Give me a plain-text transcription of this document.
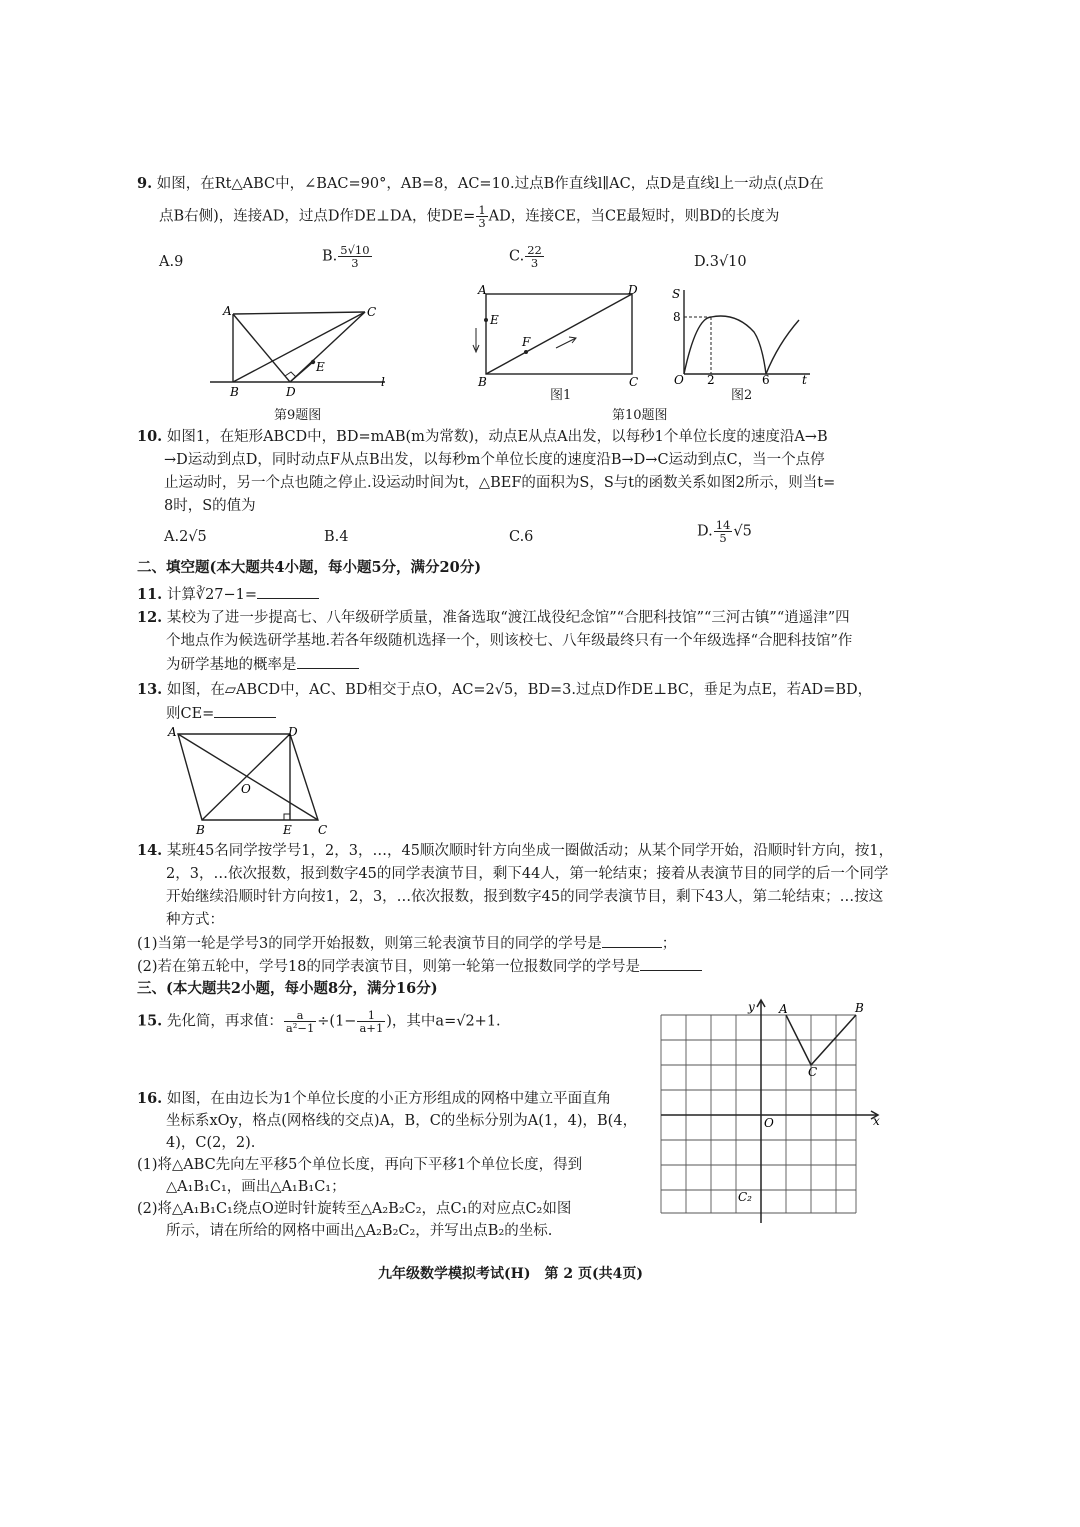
9. 如图，在Rt△ABC中，∠BAC=90°，AB=8，AC=10.过点B作直线l∥AC，点D是直线l上一动点(点D在
点B右侧)，连接AD，过点D作DE⊥DA，使$DE= \frac{1}{3}$ AD，连接CE，当CE最短时，则BD的长度为
A.9	B. $\frac{5√10}{3}$	C. $\frac{22}{3}$	D.3√10
A	C
B	D
E
l
第9题图
A	D
B	C
E
F
图1
S
8
O 2	6	t
图2
第10题图
10. 如图1，在矩形ABCD中，BD=mAB(m为常数)，动点E从点A出发，以每秒1个单位长度的速度沿A→B
→D运动到点D，同时动点F从点B出发，以每秒m个单位长度的速度沿B→D→C运动到点C，当一个点停
止运动时，另一个点也随之停止.设运动时间为t，△BEF的面积为S，S与t的函数关系如图2所示，则当t=
8时，S的值为
A.2√5	B.4	C.6	D. $\frac{14}{5} √5$
二、填空题(本大题共4小题，每小题5分，满分20分)
11. 计算∛27−1=
12. 某校为了进一步提高七、八年级研学质量，准备选取“渡江战役纪念馆”“合肥科技馆”“三河古镇”“逍遥津”四
个地点作为候选研学基地.若各年级随机选择一个，则该校七、八年级最终只有一个年级选择“合肥科技馆”作
为研学基地的概率是
13. 如图，在▱ABCD中，AC、BD相交于点O，AC=2√5，BD=3.过点D作DE⊥BC，垂足为点E，若AD=BD，
则CE=
A	D
B	E C
O
14. 某班45名同学按学号1，2，3，…，45顺次顺时针方向坐成一圈做活动；从某个同学开始，沿顺时针方向，按1，
2，3，…依次报数，报到数字45的同学表演节目，剩下44人，第一轮结束；接着从表演节目的同学的后一个同学
开始继续沿顺时针方向按1，2，3，…依次报数，报到数字45的同学表演节目，剩下43人，第二轮结束；…按这
种方式：
(1)当第一轮是学号3的同学开始报数，则第三轮表演节目的同学的学号是	；
(2)若在第五轮中，学号18的同学表演节目，则第一轮第一位报数同学的学号是
三、(本大题共2小题，每小题8分，满分16分)
15. 先化简，再求值： $\frac{a}{\text{a²−1}} \div(1- \frac{1}{a+1}$ )，其中a=√2+1.
16. 如图，在由边长为1个单位长度的小正方形组成的网格中建立平面直角
坐标系xOy，格点(网格线的交点)A，B，C的坐标分别为A(1，4)，B(4，
4)，C(2，2).
(1)将△ABC先向左平移5个单位长度，再向下平移1个单位长度，得到
△A₁B₁C₁，画出△A₁B₁C₁；
(2)将△A₁B₁C₁绕点O逆时针旋转至△A₂B₂C₂，点C₁的对应点C₂如图
所示，请在所给的网格中画出△A₂B₂C₂，并写出点B₂的坐标.
y A	B
C
O	x
C₂
九年级数学模拟考试(H)　第 2 页(共4页)
